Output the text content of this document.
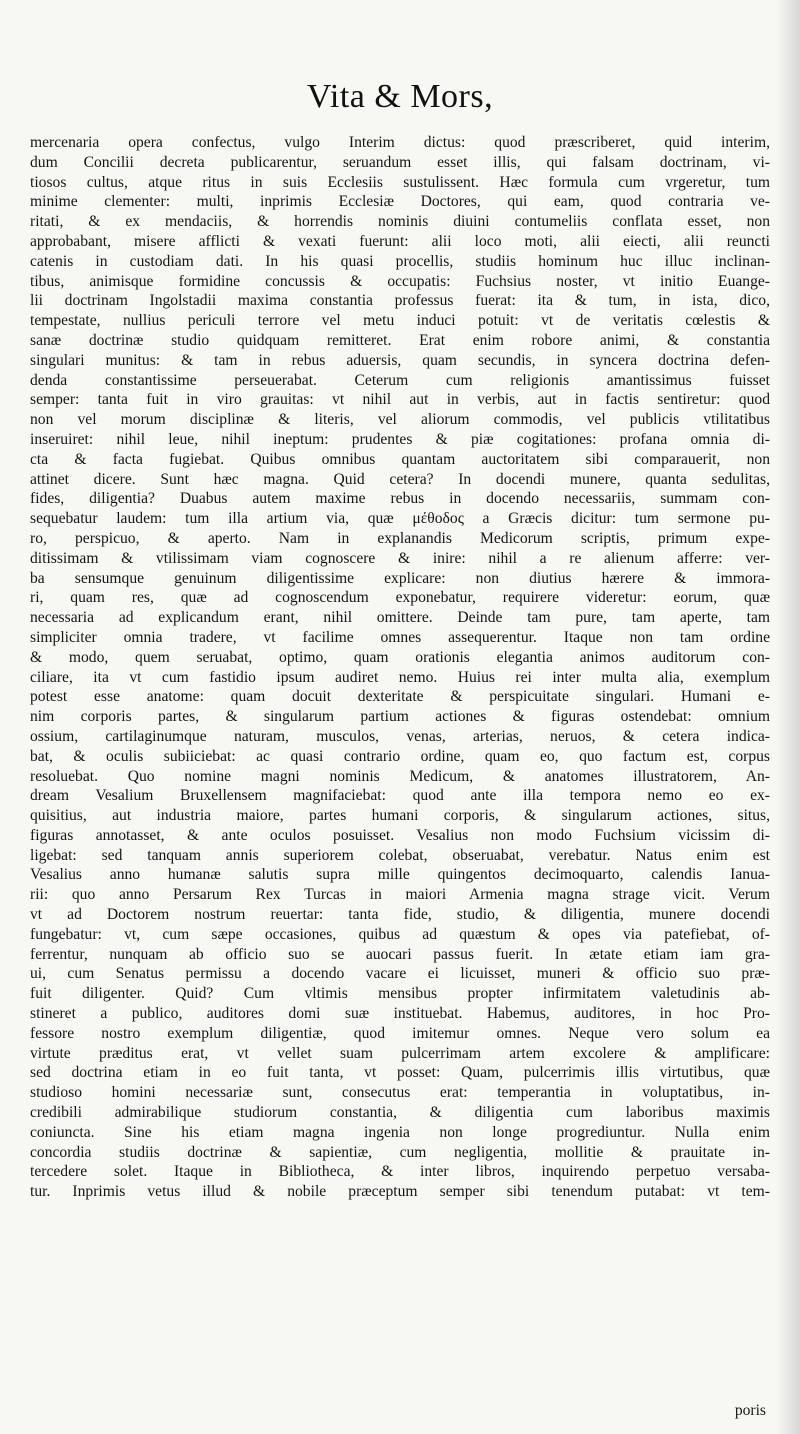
Vita & Mors,
mercenaria opera confectus, vulgo Interim dictus: quod præscriberet, quid interim,
dum Concilii decreta publicarentur, seruandum esset illis, qui falsam doctrinam, vi-
tiosos cultus, atque ritus in suis Ecclesiis sustulissent. Hæc formula cum vrgeretur, tum
minime clementer: multi, inprimis Ecclesiæ Doctores, qui eam, quod contraria ve-
ritati, & ex mendaciis, & horrendis nominis diuini contumeliis conflata esset, non
approbabant, misere afflicti & vexati fuerunt: alii loco moti, alii eiecti, alii reuncti
catenis in custodiam dati. In his quasi procellis, studiis hominum huc illuc inclinan-
tibus, animisque formidine concussis & occupatis: Fuchsius noster, vt initio Euange-
lii doctrinam Ingolstadii maxima constantia professus fuerat: ita & tum, in ista, dico,
tempestate, nullius periculi terrore vel metu induci potuit: vt de veritatis cœlestis &
sanæ doctrinæ studio quidquam remitteret. Erat enim robore animi, & constantia
singulari munitus: & tam in rebus aduersis, quam secundis, in syncera doctrina defen-
denda constantissime perseuerabat. Ceterum cum religionis amantissimus fuisset
semper: tanta fuit in viro grauitas: vt nihil aut in verbis, aut in factis sentiretur: quod
non vel morum disciplinæ & literis, vel aliorum commodis, vel publicis vtilitatibus
inseruiret: nihil leue, nihil ineptum: prudentes & piæ cogitationes: profana omnia di-
cta & facta fugiebat. Quibus omnibus quantam auctoritatem sibi comparauerit, non
attinet dicere. Sunt hæc magna. Quid cetera? In docendi munere, quanta sedulitas,
fides, diligentia? Duabus autem maxime rebus in docendo necessariis, summam con-
sequebatur laudem: tum illa artium via, quæ μέθοδος a Græcis dicitur: tum sermone pu-
ro, perspicuo, & aperto. Nam in explanandis Medicorum scriptis, primum expe-
ditissimam & vtilissimam viam cognoscere & inire: nihil a re alienum afferre: ver-
ba sensumque genuinum diligentissime explicare: non diutius hærere & immora-
ri, quam res, quæ ad cognoscendum exponebatur, requirere videretur: eorum, quæ
necessaria ad explicandum erant, nihil omittere. Deinde tam pure, tam aperte, tam
simpliciter omnia tradere, vt facilime omnes assequerentur. Itaque non tam ordine
& modo, quem seruabat, optimo, quam orationis elegantia animos auditorum con-
ciliare, ita vt cum fastidio ipsum audiret nemo. Huius rei inter multa alia, exemplum
potest esse anatome: quam docuit dexteritate & perspicuitate singulari. Humani e-
nim corporis partes, & singularum partium actiones & figuras ostendebat: omnium
ossium, cartilaginumque naturam, musculos, venas, arterias, neruos, & cetera indica-
bat, & oculis subiiciebat: ac quasi contrario ordine, quam eo, quo factum est, corpus
resoluebat. Quo nomine magni nominis Medicum, & anatomes illustratorem, An-
dream Vesalium Bruxellensem magnifaciebat: quod ante illa tempora nemo eo ex-
quisitius, aut industria maiore, partes humani corporis, & singularum actiones, situs,
figuras annotasset, & ante oculos posuisset. Vesalius non modo Fuchsium vicissim di-
ligebat: sed tanquam annis superiorem colebat, obseruabat, verebatur. Natus enim est
Vesalius anno humanæ salutis supra mille quingentos decimoquarto, calendis Ianua-
rii: quo anno Persarum Rex Turcas in maiori Armenia magna strage vicit. Verum
vt ad Doctorem nostrum reuertar: tanta fide, studio, & diligentia, munere docendi
fungebatur: vt, cum sæpe occasiones, quibus ad quæstum & opes via patefiebat, of-
ferrentur, nunquam ab officio suo se auocari passus fuerit. In ætate etiam iam gra-
ui, cum Senatus permissu a docendo vacare ei licuisset, muneri & officio suo præ-
fuit diligenter. Quid? Cum vltimis mensibus propter infirmitatem valetudinis ab-
stineret a publico, auditores domi suæ instituebat. Habemus, auditores, in hoc Pro-
fessore nostro exemplum diligentiæ, quod imitemur omnes. Neque vero solum ea
virtute præditus erat, vt vellet suam pulcerrimam artem excolere & amplificare:
sed doctrina etiam in eo fuit tanta, vt posset: Quam, pulcerrimis illis virtutibus, quæ
studioso homini necessariæ sunt, consecutus erat: temperantia in voluptatibus, in-
credibili admirabilique studiorum constantia, & diligentia cum laboribus maximis
coniuncta. Sine his etiam magna ingenia non longe progrediuntur. Nulla enim
concordia studiis doctrinæ & sapientiæ, cum negligentia, mollitie & prauitate in-
tercedere solet. Itaque in Bibliotheca, & inter libros, inquirendo perpetuo versaba-
tur. Inprimis vetus illud & nobile præceptum semper sibi tenendum putabat: vt tem-
poris
